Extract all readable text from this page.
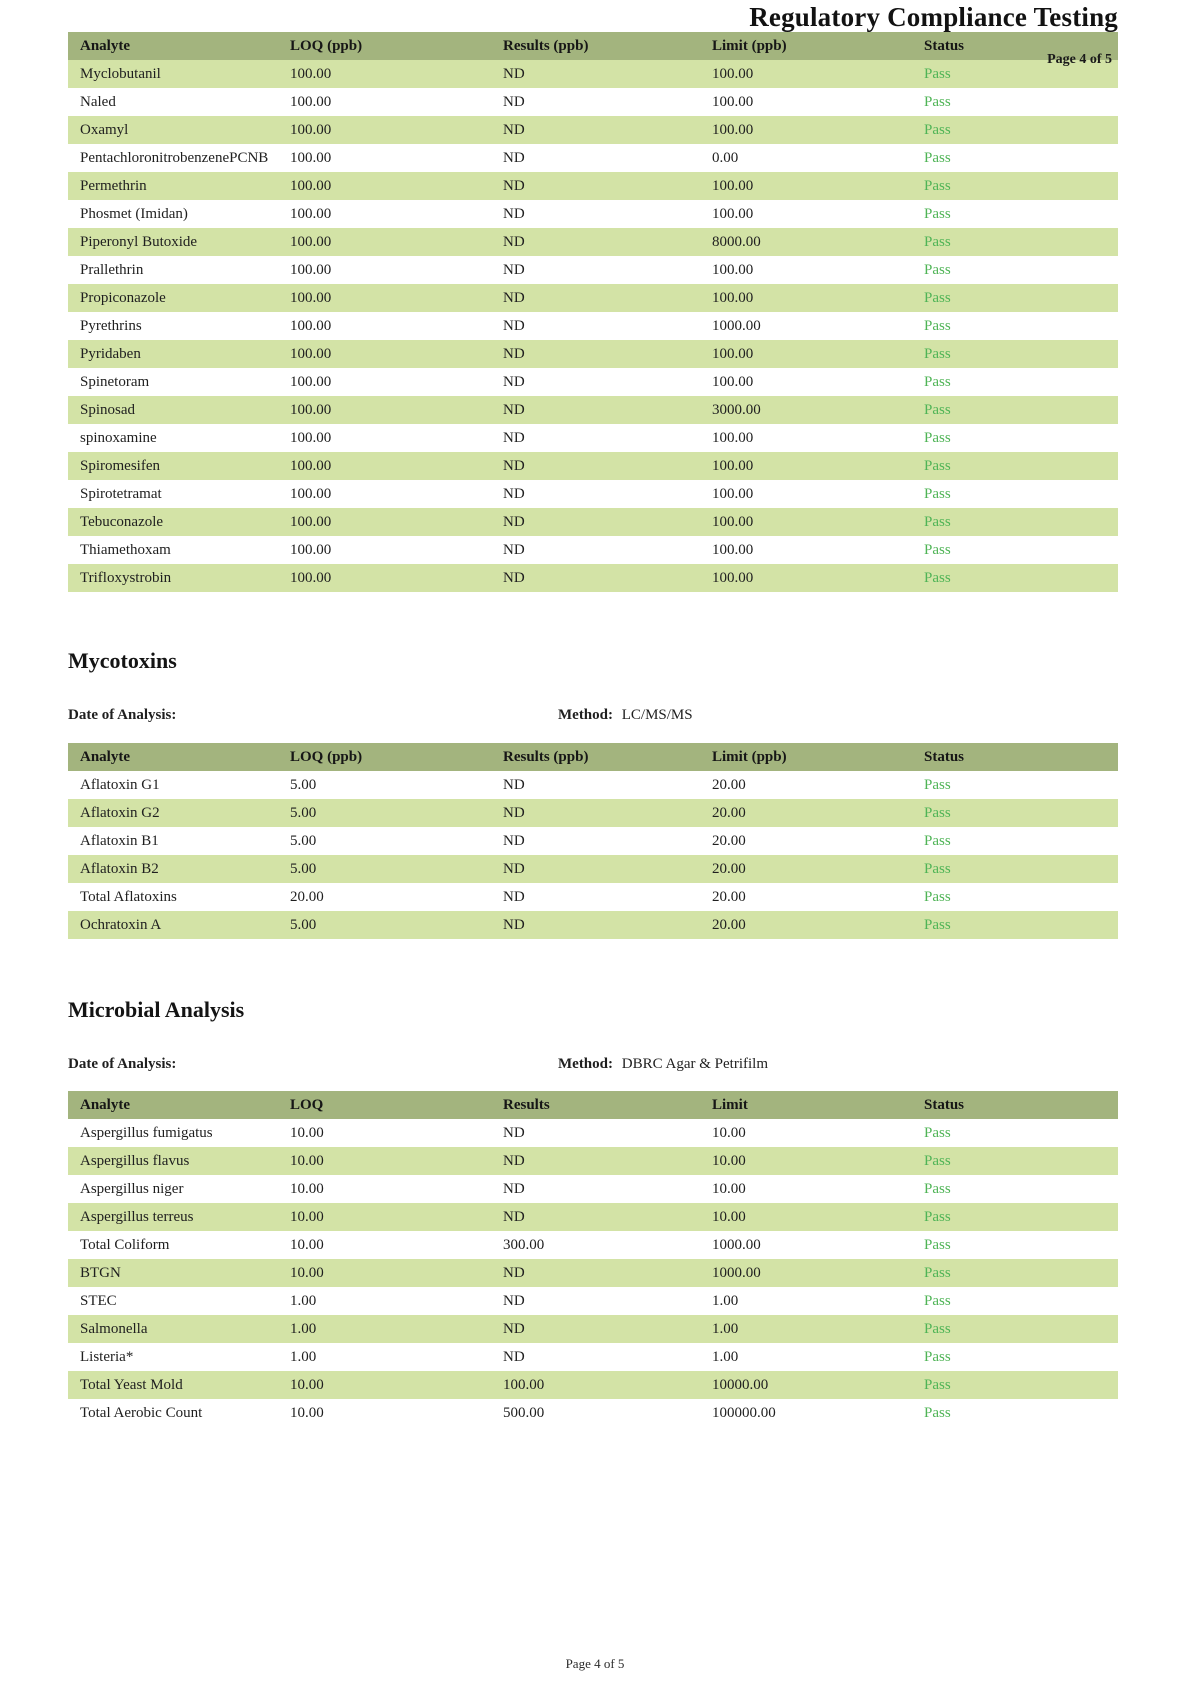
Regulatory Compliance Testing
Page 4 of 5
Analyte	LOQ (ppb)	Results (ppb)	Limit (ppb)	Status
Myclobutanil	100.00	ND	100.00	Pass
Naled	100.00	ND	100.00	Pass
Oxamyl	100.00	ND	100.00	Pass
PentachloronitrobenzenePCNB	100.00	ND	0.00	Pass
Permethrin	100.00	ND	100.00	Pass
Phosmet (Imidan)	100.00	ND	100.00	Pass
Piperonyl Butoxide	100.00	ND	8000.00	Pass
Prallethrin	100.00	ND	100.00	Pass
Propiconazole	100.00	ND	100.00	Pass
Pyrethrins	100.00	ND	1000.00	Pass
Pyridaben	100.00	ND	100.00	Pass
Spinetoram	100.00	ND	100.00	Pass
Spinosad	100.00	ND	3000.00	Pass
spinoxamine	100.00	ND	100.00	Pass
Spiromesifen	100.00	ND	100.00	Pass
Spirotetramat	100.00	ND	100.00	Pass
Tebuconazole	100.00	ND	100.00	Pass
Thiamethoxam	100.00	ND	100.00	Pass
Trifloxystrobin	100.00	ND	100.00	Pass
Mycotoxins
Date of Analysis:	Method: LC/MS/MS
Analyte	LOQ (ppb)	Results (ppb)	Limit (ppb)	Status
Aflatoxin G1	5.00	ND	20.00	Pass
Aflatoxin G2	5.00	ND	20.00	Pass
Aflatoxin B1	5.00	ND	20.00	Pass
Aflatoxin B2	5.00	ND	20.00	Pass
Total Aflatoxins	20.00	ND	20.00	Pass
Ochratoxin A	5.00	ND	20.00	Pass
Microbial Analysis
Date of Analysis:	Method: DBRC Agar & Petrifilm
Analyte	LOQ	Results	Limit	Status
Aspergillus fumigatus	10.00	ND	10.00	Pass
Aspergillus flavus	10.00	ND	10.00	Pass
Aspergillus niger	10.00	ND	10.00	Pass
Aspergillus terreus	10.00	ND	10.00	Pass
Total Coliform	10.00	300.00	1000.00	Pass
BTGN	10.00	ND	1000.00	Pass
STEC	1.00	ND	1.00	Pass
Salmonella	1.00	ND	1.00	Pass
Listeria*	1.00	ND	1.00	Pass
Total Yeast Mold	10.00	100.00	10000.00	Pass
Total Aerobic Count	10.00	500.00	100000.00	Pass
Page 4 of 5
